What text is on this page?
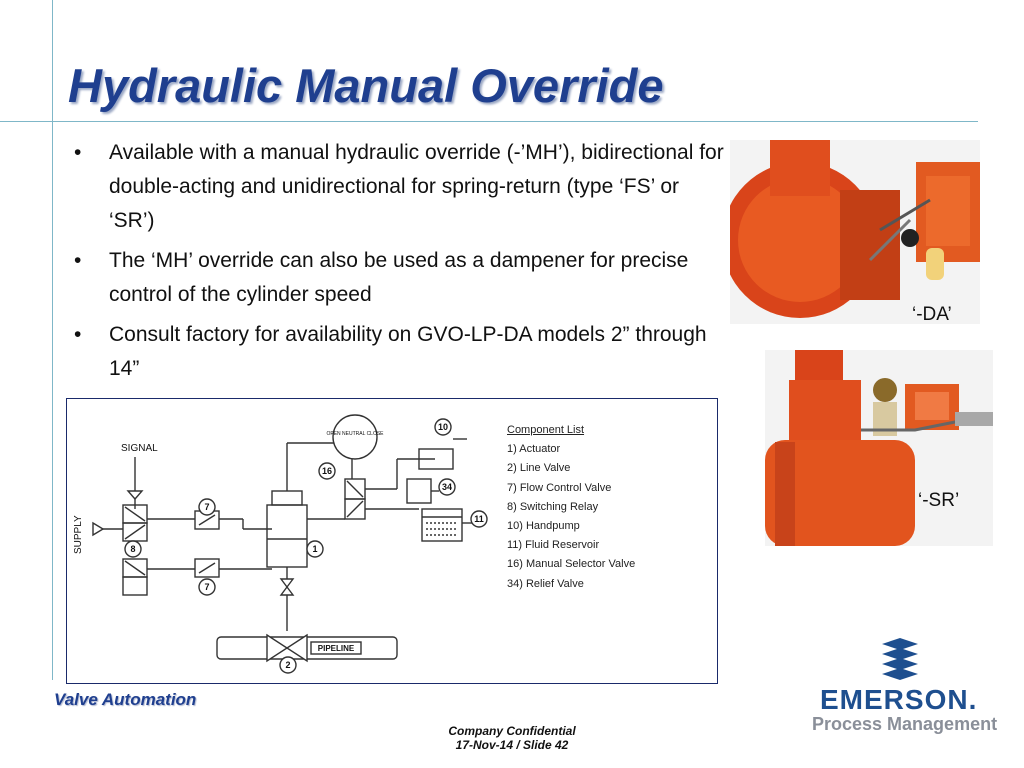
Hydraulic Manual Override
• Available with a manual hydraulic override (-’MH’), bidirectional for double-acting and unidirectional for spring-return (type ‘FS’ or ‘SR’)
• The ‘MH’ override can also be used as a dampener for precise control of the cylinder speed
• Consult factory for availability on GVO-LP-DA models 2” through 14”
7
8
7
16
10
34
11
1
2
PIPELINE
OPEN NEUTRAL CLOSE
SIGNAL
SUPPLY
Component List
1) Actuator
2) Line Valve
7) Flow Control Valve
8) Switching Relay
10) Handpump
11) Fluid Reservoir
16) Manual Selector Valve
34) Relief Valve
‘-DA’
‘-SR’
Valve Automation
Company Confidential
17-Nov-14 / Slide 42
EMERSON.
Process Management
